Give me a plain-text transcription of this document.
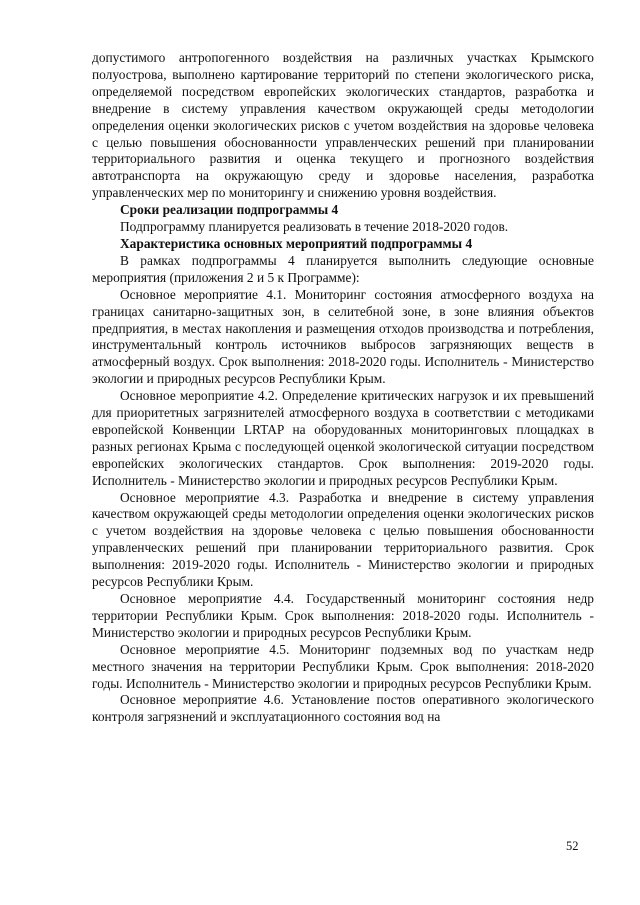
допустимого антропогенного воздействия на различных участках Крымского полуострова, выполнено картирование территорий по степени экологического риска, определяемой посредством европейских экологических стандартов, разработка и внедрение в систему управления качеством окружающей среды методологии определения оценки экологических рисков с учетом воздействия на здоровье человека с целью повышения обоснованности управленческих решений при планировании территориального развития и оценка текущего и прогнозного воздействия автотранспорта на окружающую среду и здоровье населения, разработка управленческих мер по мониторингу и снижению уровня воздействия.

Сроки реализации подпрограммы 4

Подпрограмму планируется реализовать в течение 2018-2020 годов.

Характеристика основных мероприятий подпрограммы 4

В рамках подпрограммы 4 планируется выполнить следующие основные мероприятия (приложения 2 и 5 к Программе):

Основное мероприятие 4.1. Мониторинг состояния атмосферного воздуха на границах санитарно-защитных зон, в селитебной зоне, в зоне влияния объектов предприятия, в местах накопления и размещения отходов производства и потребления, инструментальный контроль источников выбросов загрязняющих веществ в атмосферный воздух. Срок выполнения: 2018-2020 годы. Исполнитель - Министерство экологии и природных ресурсов Республики Крым.

Основное мероприятие 4.2. Определение критических нагрузок и их превышений для приоритетных загрязнителей атмосферного воздуха в соответствии с методиками европейской Конвенции LRTAP на оборудованных мониторинговых площадках в разных регионах Крыма с последующей оценкой экологической ситуации посредством европейских экологических стандартов. Срок выполнения: 2019-2020 годы. Исполнитель - Министерство экологии и природных ресурсов Республики Крым.

Основное мероприятие 4.3. Разработка и внедрение в систему управления качеством окружающей среды методологии определения оценки экологических рисков с учетом воздействия на здоровье человека с целью повышения обоснованности управленческих решений при планировании территориального развития. Срок выполнения: 2019-2020 годы. Исполнитель - Министерство экологии и природных ресурсов Республики Крым.

Основное мероприятие 4.4. Государственный мониторинг состояния недр территории Республики Крым. Срок выполнения: 2018-2020 годы. Исполнитель - Министерство экологии и природных ресурсов Республики Крым.

Основное мероприятие 4.5. Мониторинг подземных вод по участкам недр местного значения на территории Республики Крым. Срок выполнения: 2018-2020 годы. Исполнитель - Министерство экологии и природных ресурсов Республики Крым.

Основное мероприятие 4.6. Установление постов оперативного экологического контроля загрязнений и эксплуатационного состояния вод на

52
